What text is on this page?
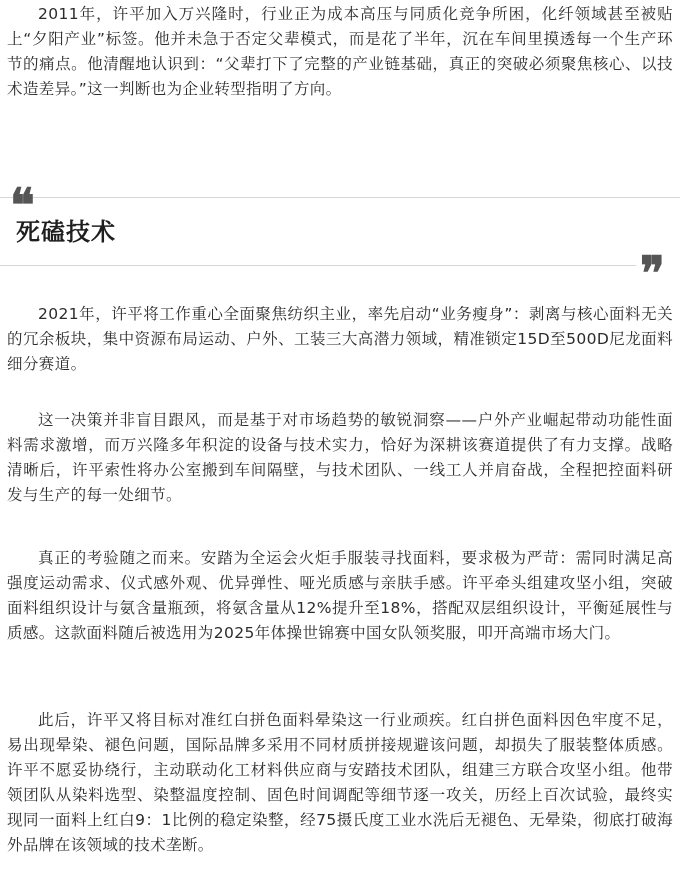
2011年，许平加入万兴隆时，行业正为成本高压与同质化竞争所困，化纤领域甚至被贴上“夕阳产业”标签。他并未急于否定父辈模式，而是花了半年，沉在车间里摸透每一个生产环节的痛点。他清醒地认识到：“父辈打下了完整的产业链基础，真正的突破必须聚焦核心、以技术造差异。”这一判断也为企业转型指明了方向。

❝
死磕技术
❞

2021年，许平将工作重心全面聚焦纺织主业，率先启动“业务瘦身”：剥离与核心面料无关的冗余板块，集中资源布局运动、户外、工装三大高潜力领域，精准锁定15D至500D尼龙面料细分赛道。

这一决策并非盲目跟风，而是基于对市场趋势的敏锐洞察——户外产业崛起带动功能性面料需求激增，而万兴隆多年积淀的设备与技术实力，恰好为深耕该赛道提供了有力支撑。战略清晰后，许平索性将办公室搬到车间隔壁，与技术团队、一线工人并肩奋战，全程把控面料研发与生产的每一处细节。

真正的考验随之而来。安踏为全运会火炬手服装寻找面料，要求极为严苛：需同时满足高强度运动需求、仪式感外观、优异弹性、哑光质感与亲肤手感。许平牵头组建攻坚小组，突破面料组织设计与氨含量瓶颈，将氨含量从12%提升至18%，搭配双层组织设计，平衡延展性与质感。这款面料随后被选用为2025年体操世锦赛中国女队领奖服，叩开高端市场大门。

此后，许平又将目标对准红白拼色面料晕染这一行业顽疾。红白拼色面料因色牢度不足，易出现晕染、褪色问题，国际品牌多采用不同材质拼接规避该问题，却损失了服装整体质感。许平不愿妥协绕行，主动联动化工材料供应商与安踏技术团队，组建三方联合攻坚小组。他带领团队从染料选型、染整温度控制、固色时间调配等细节逐一攻关，历经上百次试验，最终实现同一面料上红白9：1比例的稳定染整，经75摄氏度工业水洗后无褪色、无晕染，彻底打破海外品牌在该领域的技术垄断。
